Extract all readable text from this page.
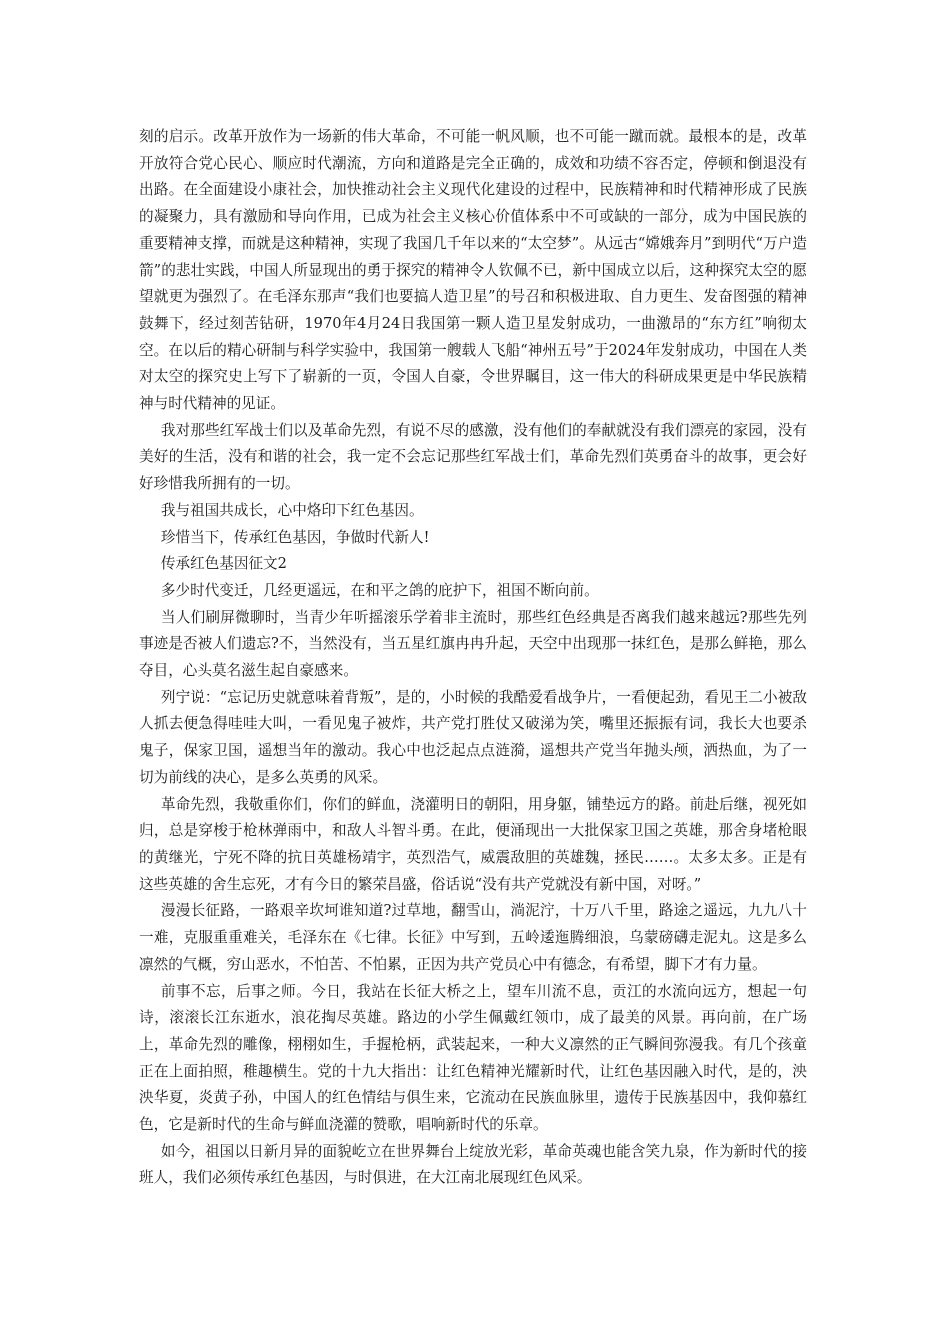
刻的启示。改革开放作为一场新的伟大革命，不可能一帆风顺，也不可能一蹴而就。最根本的是，改革开放符合党心民心、顺应时代潮流，方向和道路是完全正确的，成效和功绩不容否定，停顿和倒退没有出路。在全面建设小康社会，加快推动社会主义现代化建设的过程中，民族精神和时代精神形成了民族的凝聚力，具有激励和导向作用，已成为社会主义核心价值体系中不可或缺的一部分，成为中国民族的重要精神支撑，而就是这种精神，实现了我国几千年以来的“太空梦”。从远古“嫦娥奔月”到明代“万户造箭”的悲壮实践，中国人所显现出的勇于探究的精神令人钦佩不已，新中国成立以后，这种探究太空的愿望就更为强烈了。在毛泽东那声“我们也要搞人造卫星”的号召和积极进取、自力更生、发奋图强的精神鼓舞下，经过刻苦钻研，1970年4月24日我国第一颗人造卫星发射成功，一曲激昂的“东方红”响彻太空。在以后的精心研制与科学实验中，我国第一艘载人飞船“神州五号”于2024年发射成功，中国在人类对太空的探究史上写下了崭新的一页，令国人自豪，令世界瞩目，这一伟大的科研成果更是中华民族精神与时代精神的见证。

我对那些红军战士们以及革命先烈，有说不尽的感激，没有他们的奉献就没有我们漂亮的家园，没有美好的生活，没有和谐的社会，我一定不会忘记那些红军战士们，革命先烈们英勇奋斗的故事，更会好好珍惜我所拥有的一切。

我与祖国共成长，心中烙印下红色基因。

珍惜当下，传承红色基因，争做时代新人!

传承红色基因征文2

多少时代变迁，几经更遥远，在和平之鸽的庇护下，祖国不断向前。

当人们刷屏微聊时，当青少年听摇滚乐学着非主流时，那些红色经典是否离我们越来越远?那些先列事迹是否被人们遗忘?不，当然没有，当五星红旗冉冉升起，天空中出现那一抹红色，是那么鲜艳，那么夺目，心头莫名滋生起自豪感来。

列宁说：“忘记历史就意味着背叛”，是的，小时候的我酷爱看战争片，一看便起劲，看见王二小被敌人抓去便急得哇哇大叫，一看见鬼子被炸，共产党打胜仗又破涕为笑，嘴里还振振有词，我长大也要杀鬼子，保家卫国，遥想当年的激动。我心中也泛起点点涟漪，遥想共产党当年抛头颅，洒热血，为了一切为前线的决心，是多么英勇的风采。

革命先烈，我敬重你们，你们的鲜血，浇灌明日的朝阳，用身躯，铺垫远方的路。前赴后继，视死如归，总是穿梭于枪林弹雨中，和敌人斗智斗勇。在此，便涌现出一大批保家卫国之英雄，那舍身堵枪眼的黄继光，宁死不降的抗日英雄杨靖宇，英烈浩气，威震敌胆的英雄魏，拯民……。太多太多。正是有这些英雄的舍生忘死，才有今日的繁荣昌盛，俗话说“没有共产党就没有新中国，对呀。”

漫漫长征路，一路艰辛坎坷谁知道?过草地，翻雪山，淌泥泞，十万八千里，路途之遥远，九九八十一难，克服重重难关，毛泽东在《七律。长征》中写到，五岭逶迤腾细浪，乌蒙磅礴走泥丸。这是多么凛然的气概，穷山恶水，不怕苦、不怕累，正因为共产党员心中有德念，有希望，脚下才有力量。

前事不忘，后事之师。今日，我站在长征大桥之上，望车川流不息，贡江的水流向远方，想起一句诗，滚滚长江东逝水，浪花掏尽英雄。路边的小学生佩戴红领巾，成了最美的风景。再向前，在广场上，革命先烈的雕像，栩栩如生，手握枪柄，武装起来，一种大义凛然的正气瞬间弥漫我。有几个孩童正在上面拍照，稚趣横生。党的十九大指出：让红色精神光耀新时代，让红色基因融入时代，是的，泱泱华夏，炎黄子孙，中国人的红色情结与俱生来，它流动在民族血脉里，遗传于民族基因中，我仰慕红色，它是新时代的生命与鲜血浇灌的赞歌，唱响新时代的乐章。

如今，祖国以日新月异的面貌屹立在世界舞台上绽放光彩，革命英魂也能含笑九泉，作为新时代的接班人，我们必须传承红色基因，与时俱进，在大江南北展现红色风采。
